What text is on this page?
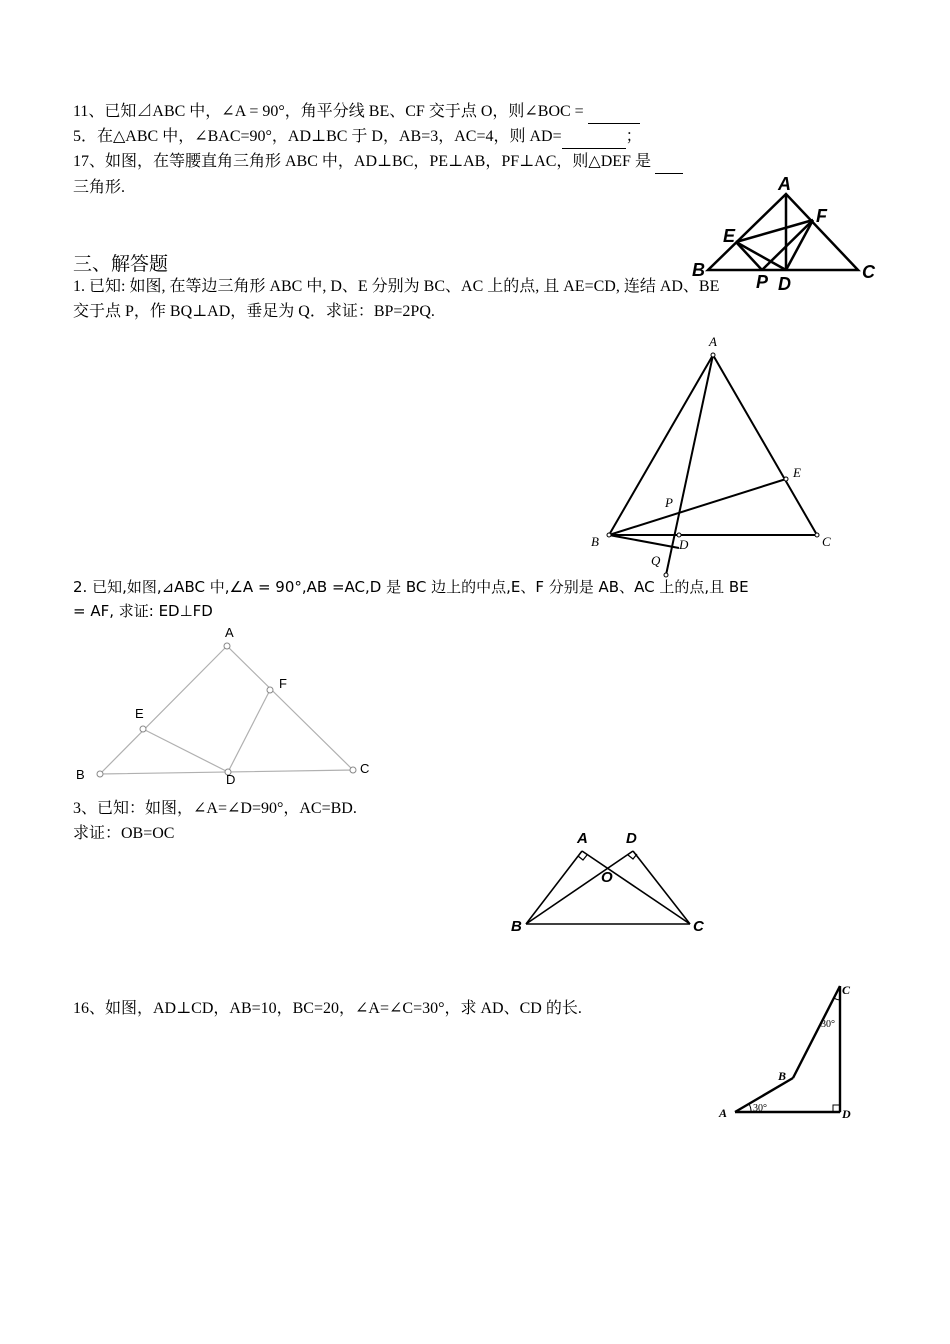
11、已知⊿ABC 中，∠A = 90°，角平分线 BE、CF 交于点 O，则∠BOC =
5．在△ABC 中，∠BAC=90°，AD⊥BC 于 D，AB=3，AC=4，则 AD=	；
17、如图，在等腰直角三角形 ABC 中，AD⊥BC，PE⊥AB，PF⊥AC，则△DEF 是
三角形.	A
B	C
D
E
F
P
三、解答题
1. 已知: 如图, 在等边三角形 ABC 中, D、E 分别为 BC、AC 上的点, 且 AE=CD, 连结 AD、BE
交于点 P，作 BQ⊥AD，垂足为 Q．求证：BP=2PQ.
A
B	C
D
E
P
Q
2. 已知,如图,⊿ABC 中,∠A = 90°,AB =AC,D 是 BC 边上的中点,E、F 分别是 AB、AC 上的点,且 BE
= AF, 求证: ED⊥FD
A
B	C
D
E
F
3、已知：如图，∠A=∠D=90°，AC=BD.
求证：OB=OC	A
B	C
D
O
16、如图，AD⊥CD，AB=10，BC=20，∠A=∠C=30°，求 AD、CD 的长.
A
B
C
D
30°
30°
